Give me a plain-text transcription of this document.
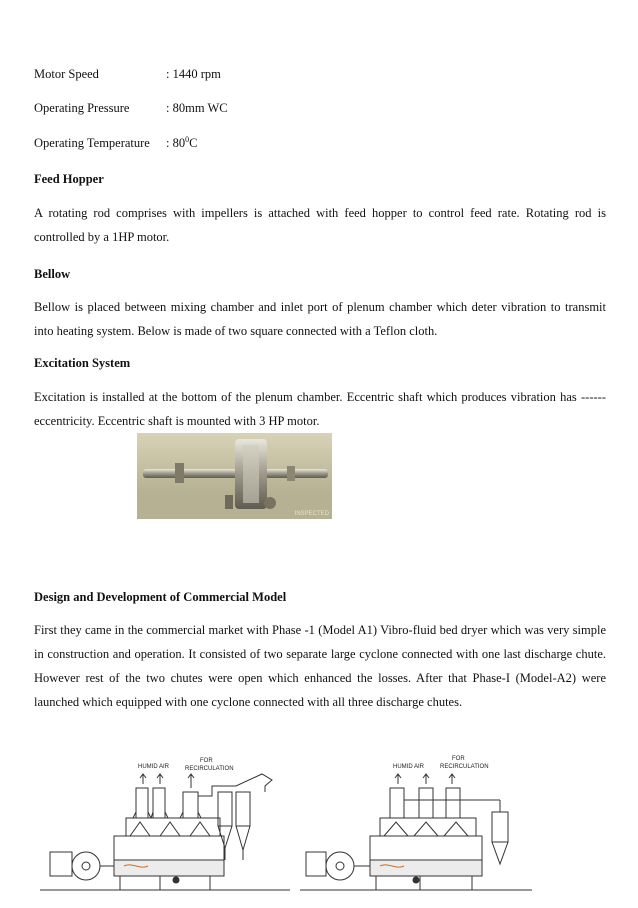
Motor Speed	: 1440 rpm
Operating Pressure	: 80mm WC
Operating Temperature : $80^0C$
Feed Hopper
A rotating rod comprises with impellers is attached with feed hopper to control feed rate. Rotating rod is controlled by a 1HP motor.
Bellow
Bellow is placed between mixing chamber and inlet port of plenum chamber which deter vibration to transmit into heating system. Below is made of two square connected with a Teflon cloth.
Excitation System
Excitation is installed at the bottom of the plenum chamber. Eccentric shaft which produces vibration has ------ eccentricity. Eccentric shaft is mounted with 3 HP motor.
INSPECTED
Design and Development of Commercial Model
First they came in the commercial market with Phase -1 (Model A1) Vibro-fluid bed dryer which was very simple in construction and operation. It consisted of two separate large cyclone connected with one last discharge chute. However rest of the two chutes were open which enhanced the losses. After that Phase-I (Model-A2) were launched which equipped with one cyclone connected with all three discharge chutes.
HUMID AIR
FOR
RECIRCULATION	HUMID AIR
FOR
RECIRCULATION
